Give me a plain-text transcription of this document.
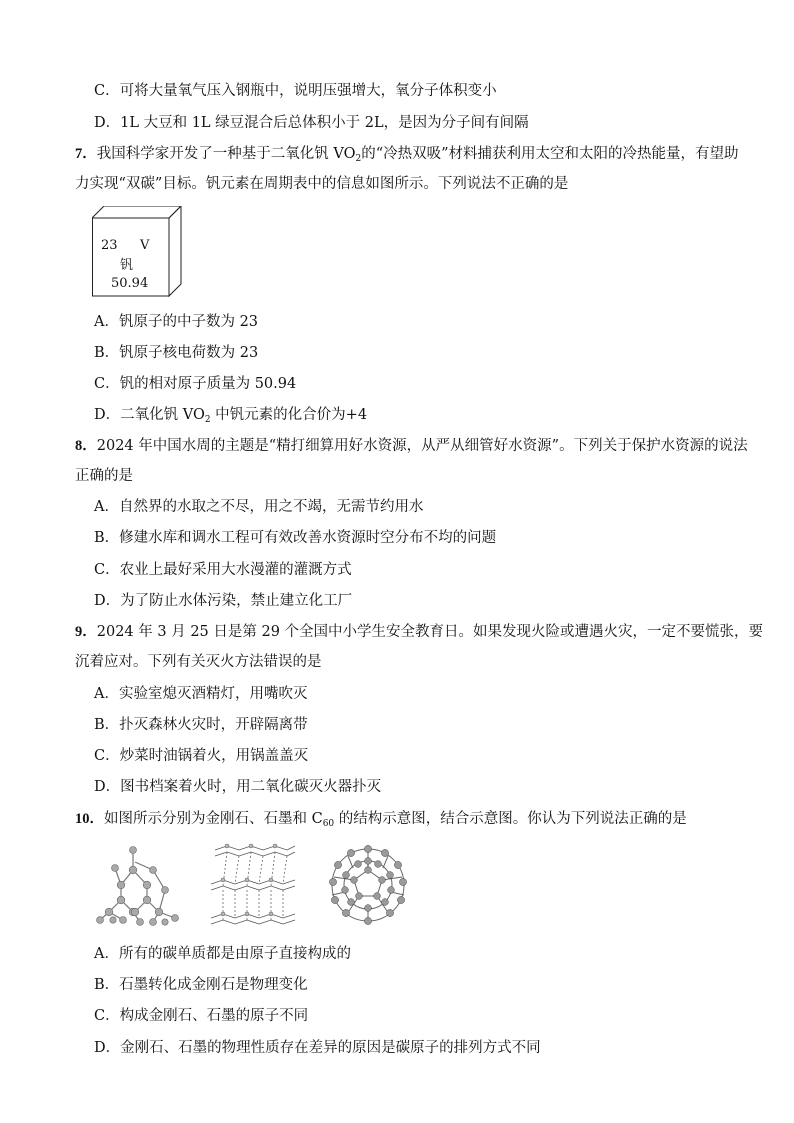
C．可将大量氧气压入钢瓶中，说明压强增大，氧分子体积变小
D．1L 大豆和 1L 绿豆混合后总体积小于 2L，是因为分子间有间隔
7．我国科学家开发了一种基于二氧化钒 $VO_2$的“冷热双吸”材料捕获利用太空和太阳的冷热能量，有望助
力实现“双碳”目标。钒元素在周期表中的信息如图所示。下列说法不正确的是
23 V
钒
50.94
A．钒原子的中子数为 23
B．钒原子核电荷数为 23
C．钒的相对原子质量为 50.94
D．二氧化钒 $VO_2$ 中钒元素的化合价为+4
8．2024 年中国水周的主题是“精打细算用好水资源，从严从细管好水资源”。下列关于保护水资源的说法
正确的是
A．自然界的水取之不尽，用之不竭，无需节约用水
B．修建水库和调水工程可有效改善水资源时空分布不均的问题
C．农业上最好采用大水漫灌的灌溉方式
D．为了防止水体污染，禁止建立化工厂
9．2024 年 3 月 25 日是第 29 个全国中小学生安全教育日。如果发现火险或遭遇火灾，一定不要慌张，要
沉着应对。下列有关灭火方法错误的是
A．实验室熄灭酒精灯，用嘴吹灭
B．扑灭森林火灾时，开辟隔离带
C．炒菜时油锅着火，用锅盖盖灭
D．图书档案着火时，用二氧化碳灭火器扑灭
10．如图所示分别为金刚石、石墨和 $C_{60}$ 的结构示意图，结合示意图。你认为下列说法正确的是
A．所有的碳单质都是由原子直接构成的
B．石墨转化成金刚石是物理变化
C．构成金刚石、石墨的原子不同
D．金刚石、石墨的物理性质存在差异的原因是碳原子的排列方式不同
